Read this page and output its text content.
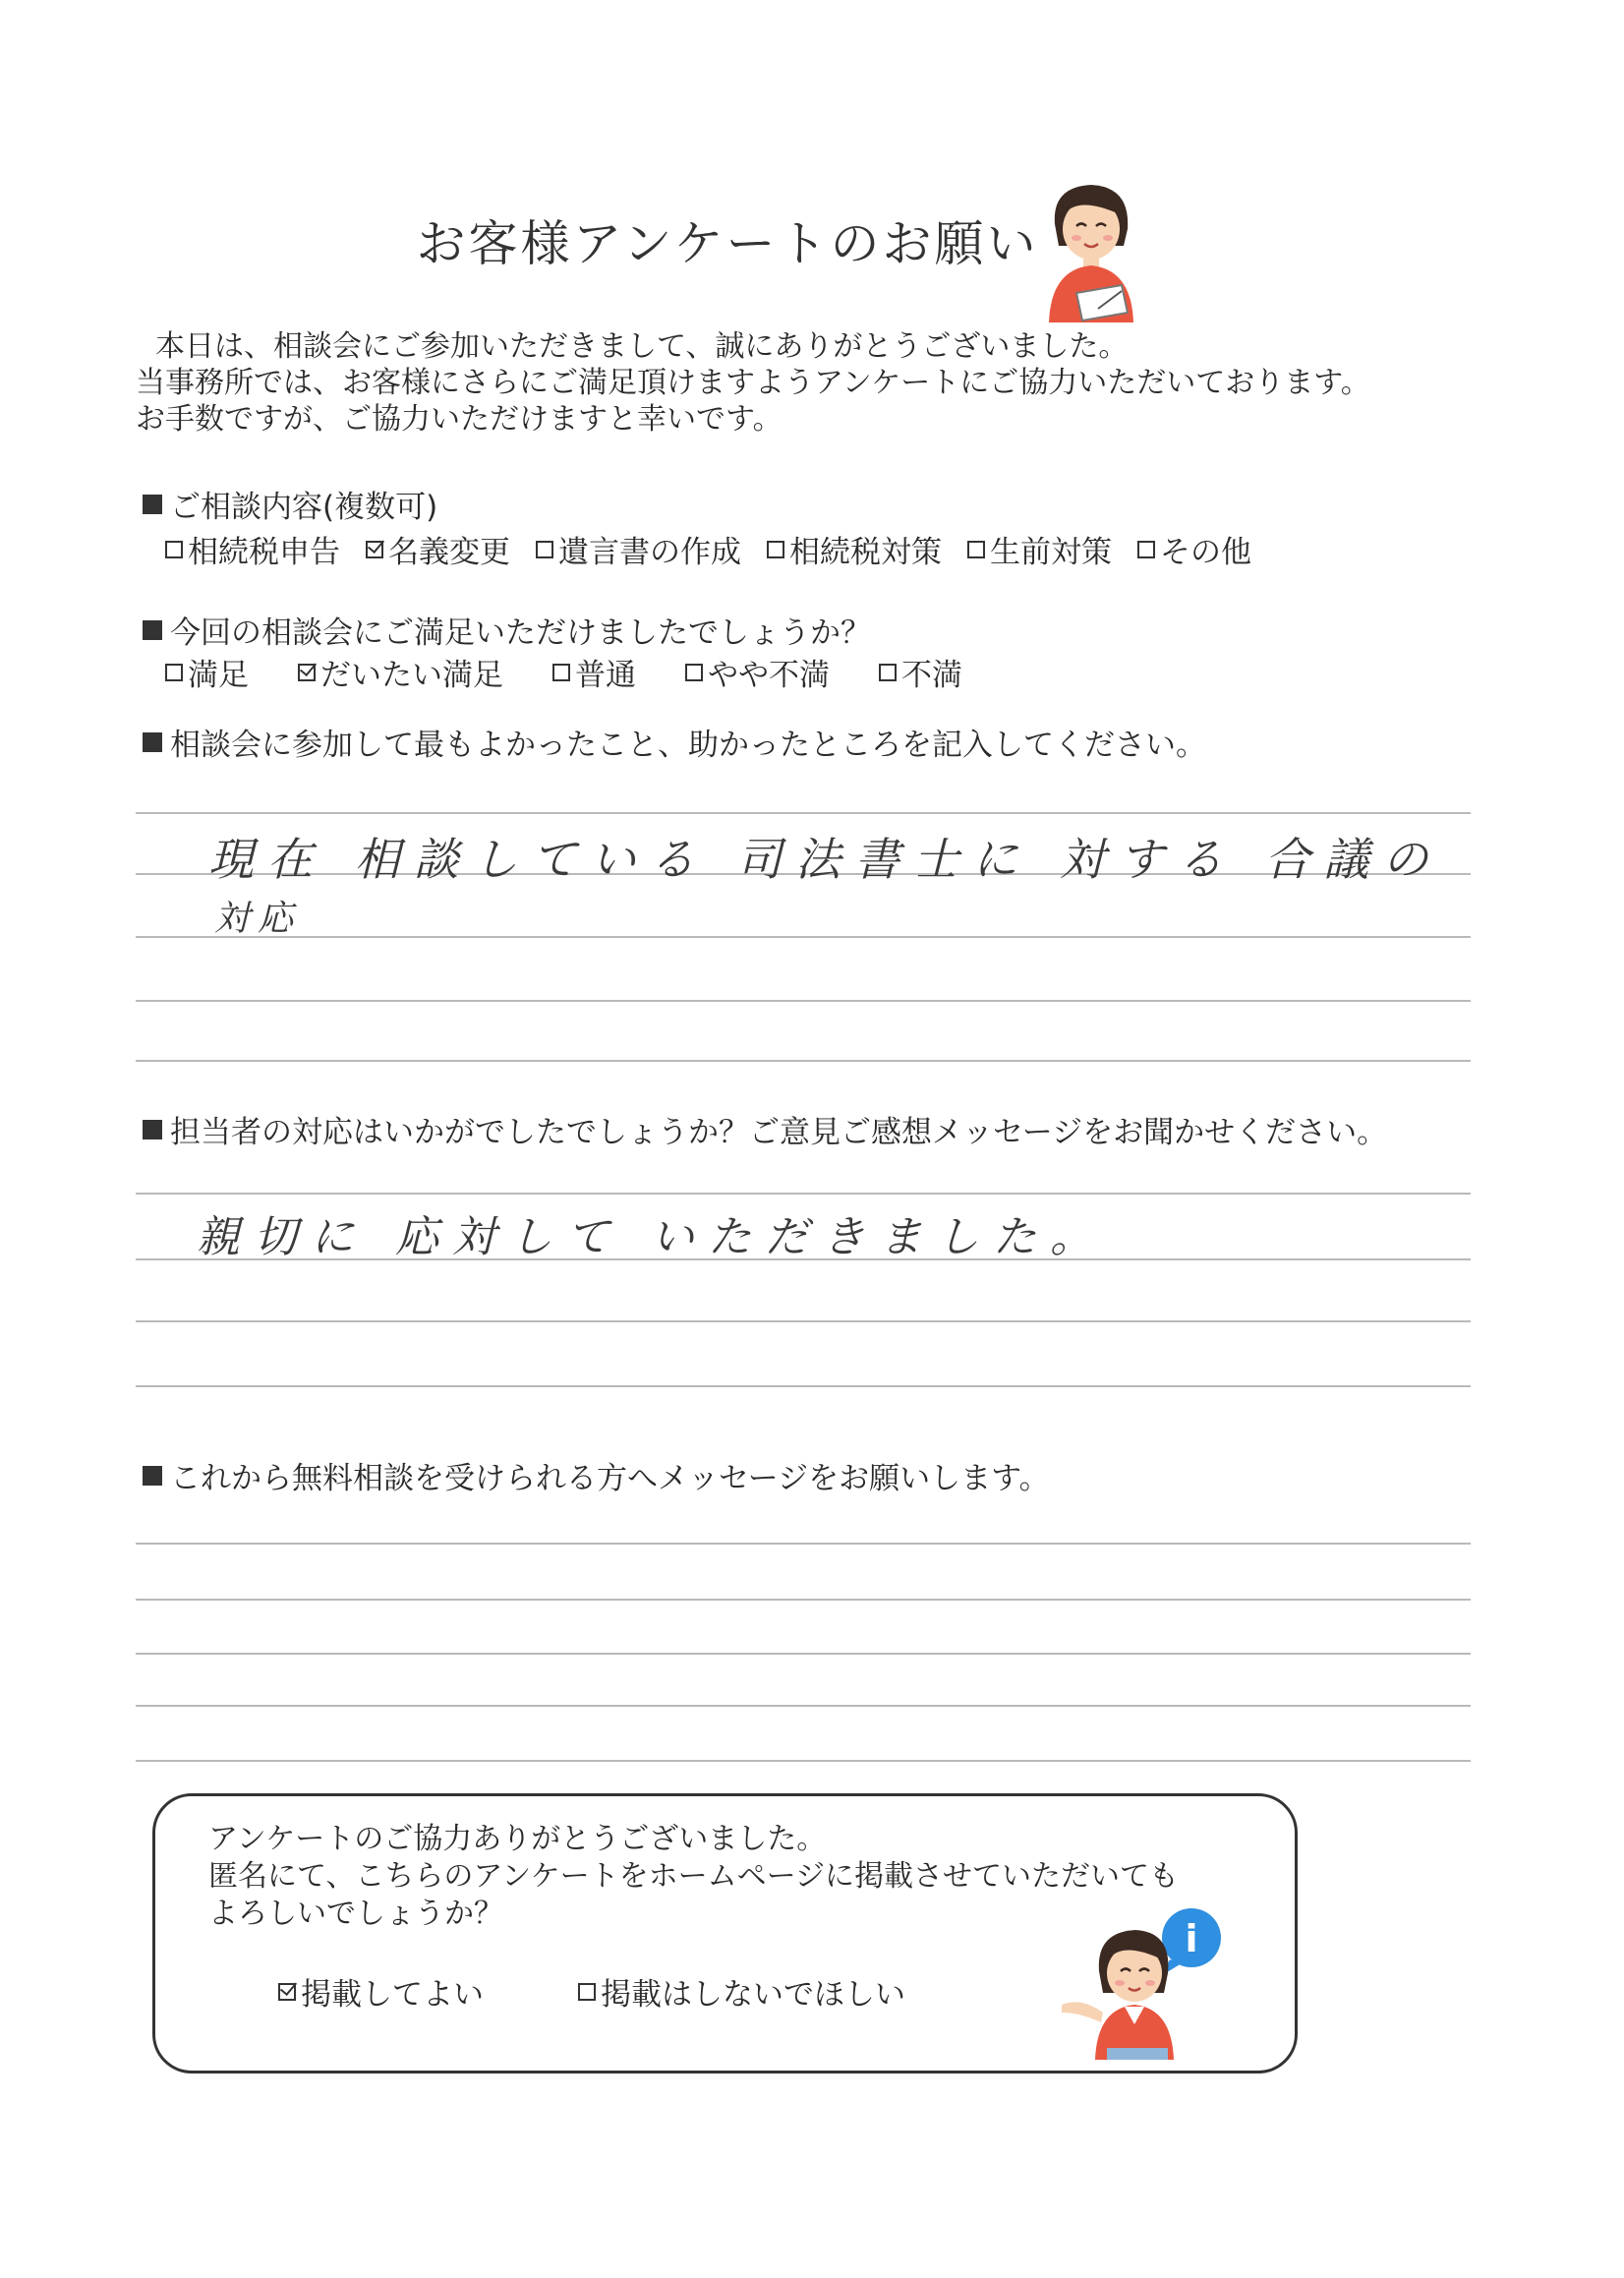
お客様アンケートのお願い
本日は、相談会にご参加いただきまして、誠にありがとうございました。
当事務所では、お客様にさらにご満足頂けますようアンケートにご協力いただいております。
お手数ですが、ご協力いただけますと幸いです。
ご相談内容(複数可)
相続税申告 名義変更 遺言書の作成 相続税対策 生前対策 その他
今回の相談会にご満足いただけましたでしょうか？
満足 だいたい満足 普通 やや不満 不満
相談会に参加して最もよかったこと、助かったところを記入してください。
現在 相談している 司法書士に 対する 合議の
対応
担当者の対応はいかがでしたでしょうか？ご意見ご感想メッセージをお聞かせください。
親切に 応対して いただきました。
これから無料相談を受けられる方へメッセージをお願いします。
アンケートのご協力ありがとうございました。
匿名にて、こちらのアンケートをホームページに掲載させていただいても
よろしいでしょうか？
掲載してよい	掲載はしないでほしい
i
